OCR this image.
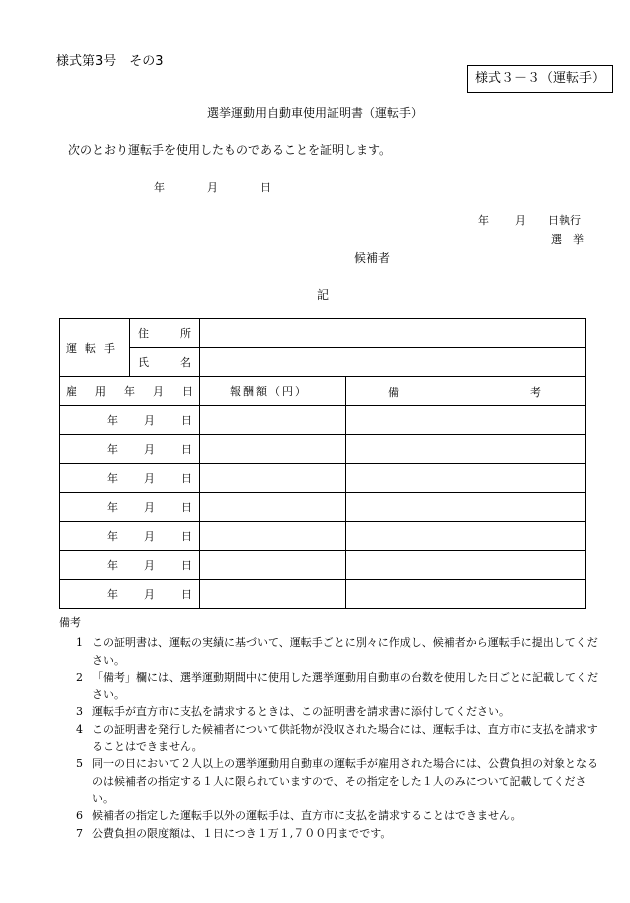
様式第3号　その3
様式３－３（運転手）
選挙運動用自動車使用証明書（運転手）
次のとおり運転手を使用したものであることを証明します。
年	月	日
年 月 日執行
選　挙
候補者
記
運転手	住所		
	氏名		
雇用年月日		報酬額（円）	備 考

年 月 日			
年 月 日			
年 月 日			
年 月 日			
年 月 日			
年 月 日			
年 月 日			
備考
1 この証明書は、運転の実績に基づいて、運転手ごとに別々に作成し、候補者から運転手に提出してください。
2 「備考」欄には、選挙運動期間中に使用した選挙運動用自動車の台数を使用した日ごとに記載してください。
3 運転手が直方市に支払を請求するときは、この証明書を請求書に添付してください。
4 この証明書を発行した候補者について供託物が没収された場合には、運転手は、直方市に支払を請求することはできません。
5 同一の日において２人以上の選挙運動用自動車の運転手が雇用された場合には、公費負担の対象となるのは候補者の指定する１人に限られていますので、その指定をした１人のみについて記載してください。
6 候補者の指定した運転手以外の運転手は、直方市に支払を請求することはできません。
7 公費負担の限度額は、１日につき１万１,７００円までです。
